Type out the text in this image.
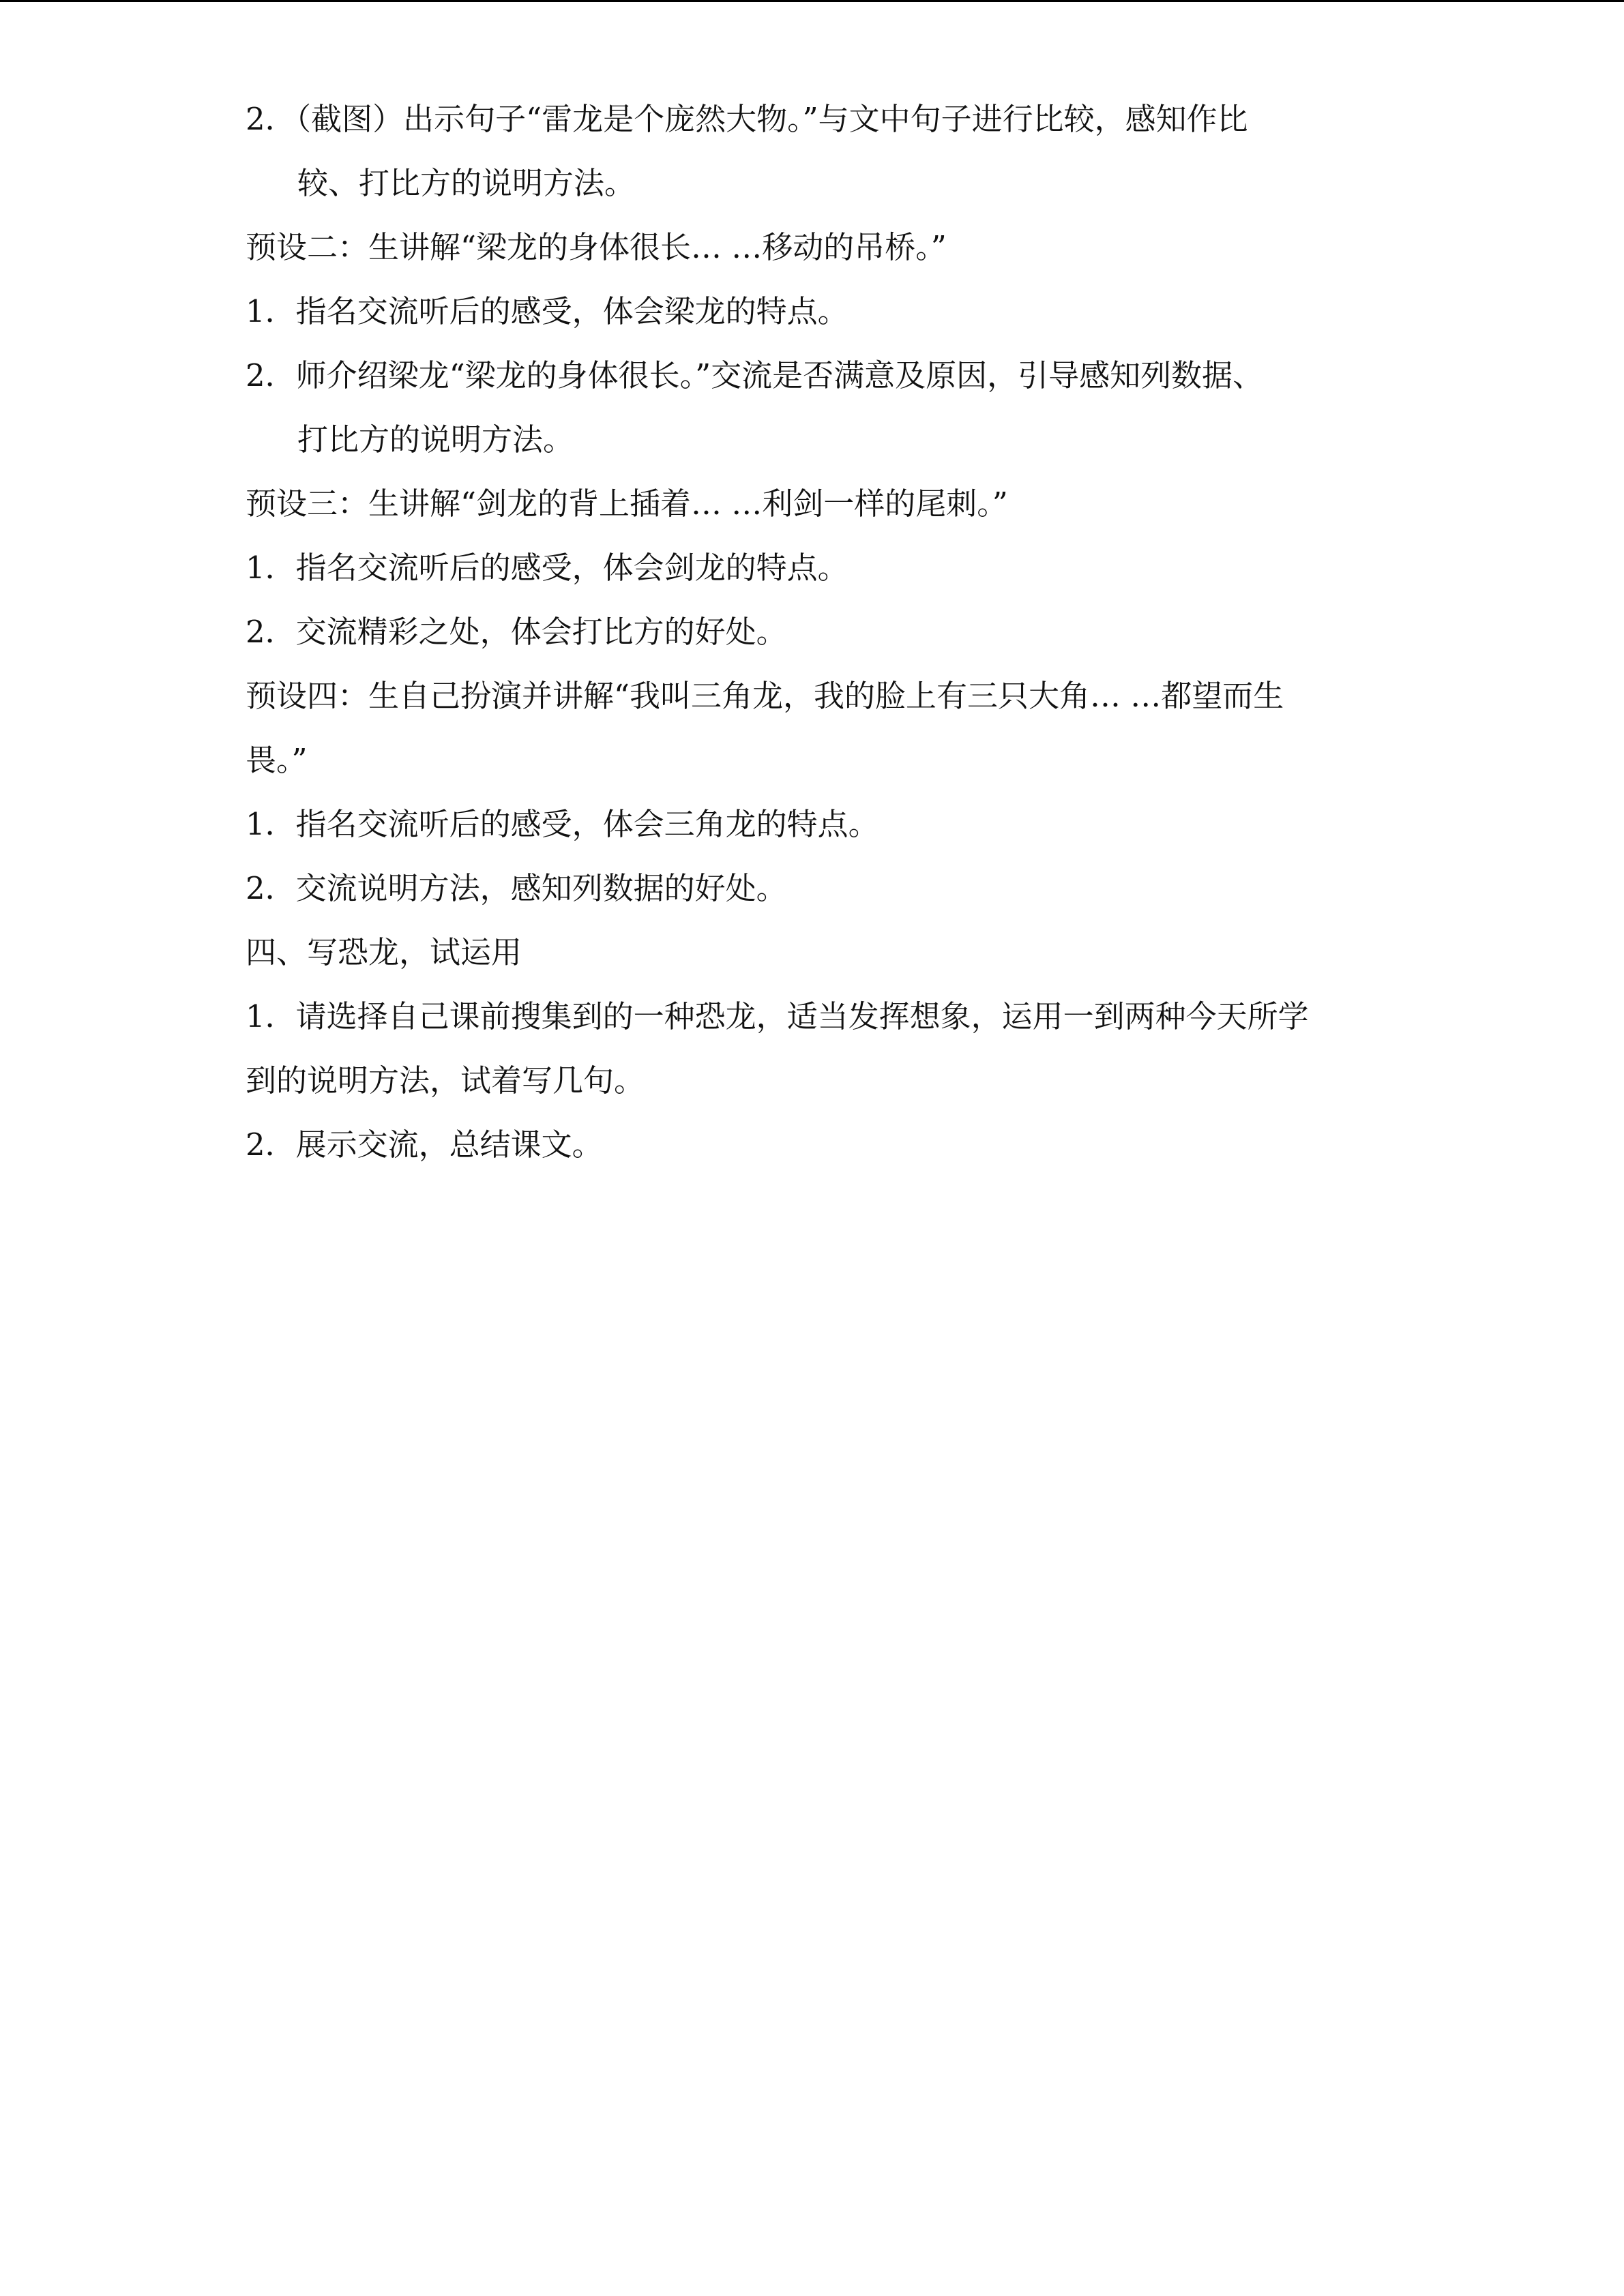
2．（截图）出示句子“雷龙是个庞然大物。”与文中句子进行比较，感知作比
较、打比方的说明方法。
预设二：生讲解“梁龙的身体很长… …移动的吊桥。”
1．指名交流听后的感受，体会梁龙的特点。
2．师介绍梁龙“梁龙的身体很长。”交流是否满意及原因，引导感知列数据、
打比方的说明方法。
预设三：生讲解“剑龙的背上插着… …利剑一样的尾刺。”
1．指名交流听后的感受，体会剑龙的特点。
2．交流精彩之处，体会打比方的好处。
预设四：生自己扮演并讲解“我叫三角龙，我的脸上有三只大角… …都望而生
畏。”
1．指名交流听后的感受，体会三角龙的特点。
2．交流说明方法，感知列数据的好处。
四、写恐龙，试运用
1．请选择自己课前搜集到的一种恐龙，适当发挥想象，运用一到两种今天所学
到的说明方法，试着写几句。
2．展示交流，总结课文。
